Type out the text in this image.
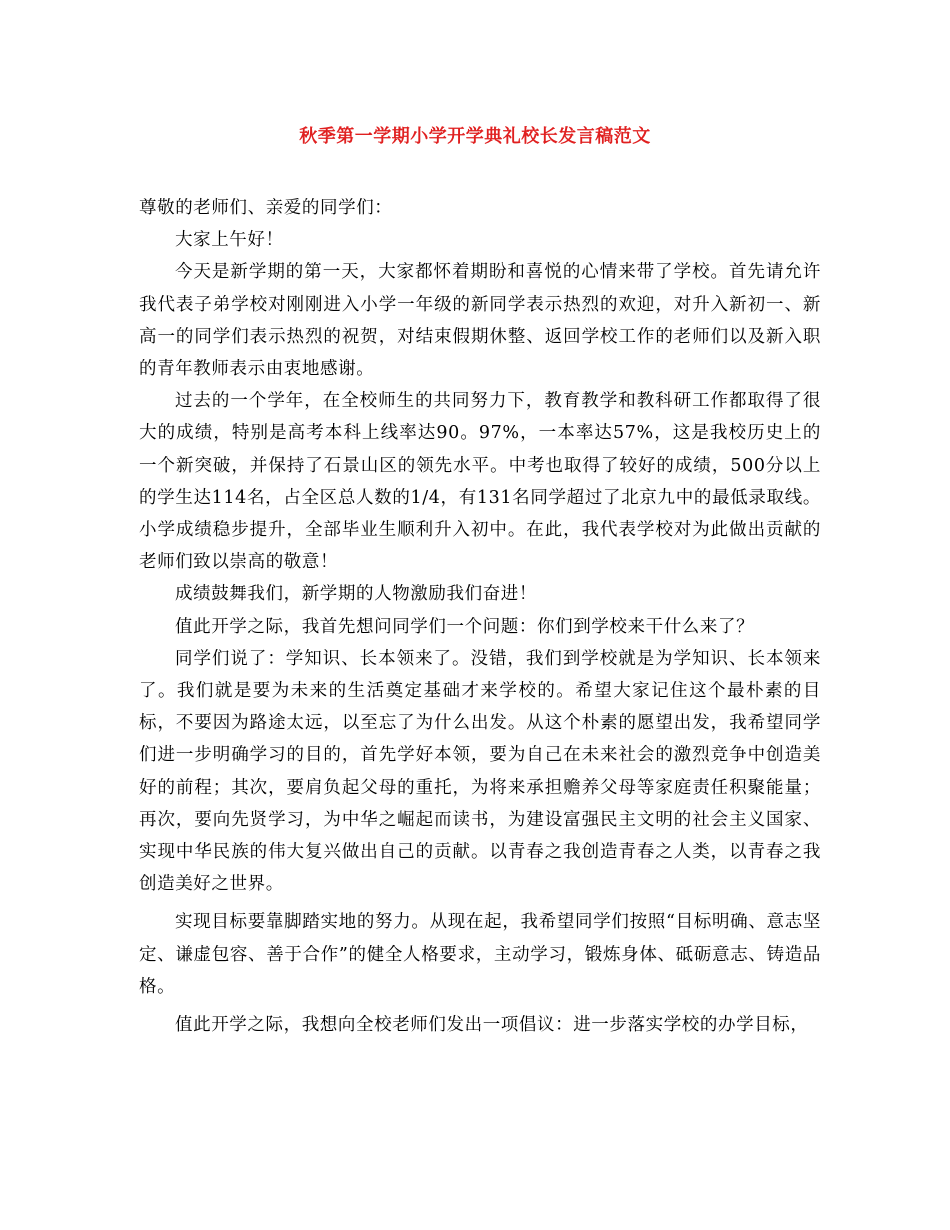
秋季第一学期小学开学典礼校长发言稿范文

尊敬的老师们、亲爱的同学们：

大家上午好！

今天是新学期的第一天，大家都怀着期盼和喜悦的心情来带了学校。首先请允许我代表子弟学校对刚刚进入小学一年级的新同学表示热烈的欢迎，对升入新初一、新高一的同学们表示热烈的祝贺，对结束假期休整、返回学校工作的老师们以及新入职的青年教师表示由衷地感谢。

过去的一个学年，在全校师生的共同努力下，教育教学和教科研工作都取得了很大的成绩，特别是高考本科上线率达90。97%，一本率达57%，这是我校历史上的一个新突破，并保持了石景山区的领先水平。中考也取得了较好的成绩，500分以上的学生达114名，占全区总人数的1/4，有131名同学超过了北京九中的最低录取线。小学成绩稳步提升，全部毕业生顺利升入初中。在此，我代表学校对为此做出贡献的老师们致以崇高的敬意！

成绩鼓舞我们，新学期的人物激励我们奋进！

值此开学之际，我首先想问同学们一个问题：你们到学校来干什么来了？

同学们说了：学知识、长本领来了。没错，我们到学校就是为学知识、长本领来了。我们就是要为未来的生活奠定基础才来学校的。希望大家记住这个最朴素的目标，不要因为路途太远，以至忘了为什么出发。从这个朴素的愿望出发，我希望同学们进一步明确学习的目的，首先学好本领，要为自己在未来社会的激烈竞争中创造美好的前程；其次，要肩负起父母的重托，为将来承担赡养父母等家庭责任积聚能量；再次，要向先贤学习，为中华之崛起而读书，为建设富强民主文明的社会主义国家、实现中华民族的伟大复兴做出自己的贡献。以青春之我创造青春之人类，以青春之我创造美好之世界。

实现目标要靠脚踏实地的努力。从现在起，我希望同学们按照“目标明确、意志坚定、谦虚包容、善于合作”的健全人格要求，主动学习，锻炼身体、砥砺意志、铸造品格。

值此开学之际，我想向全校老师们发出一项倡议：进一步落实学校的办学目标，
